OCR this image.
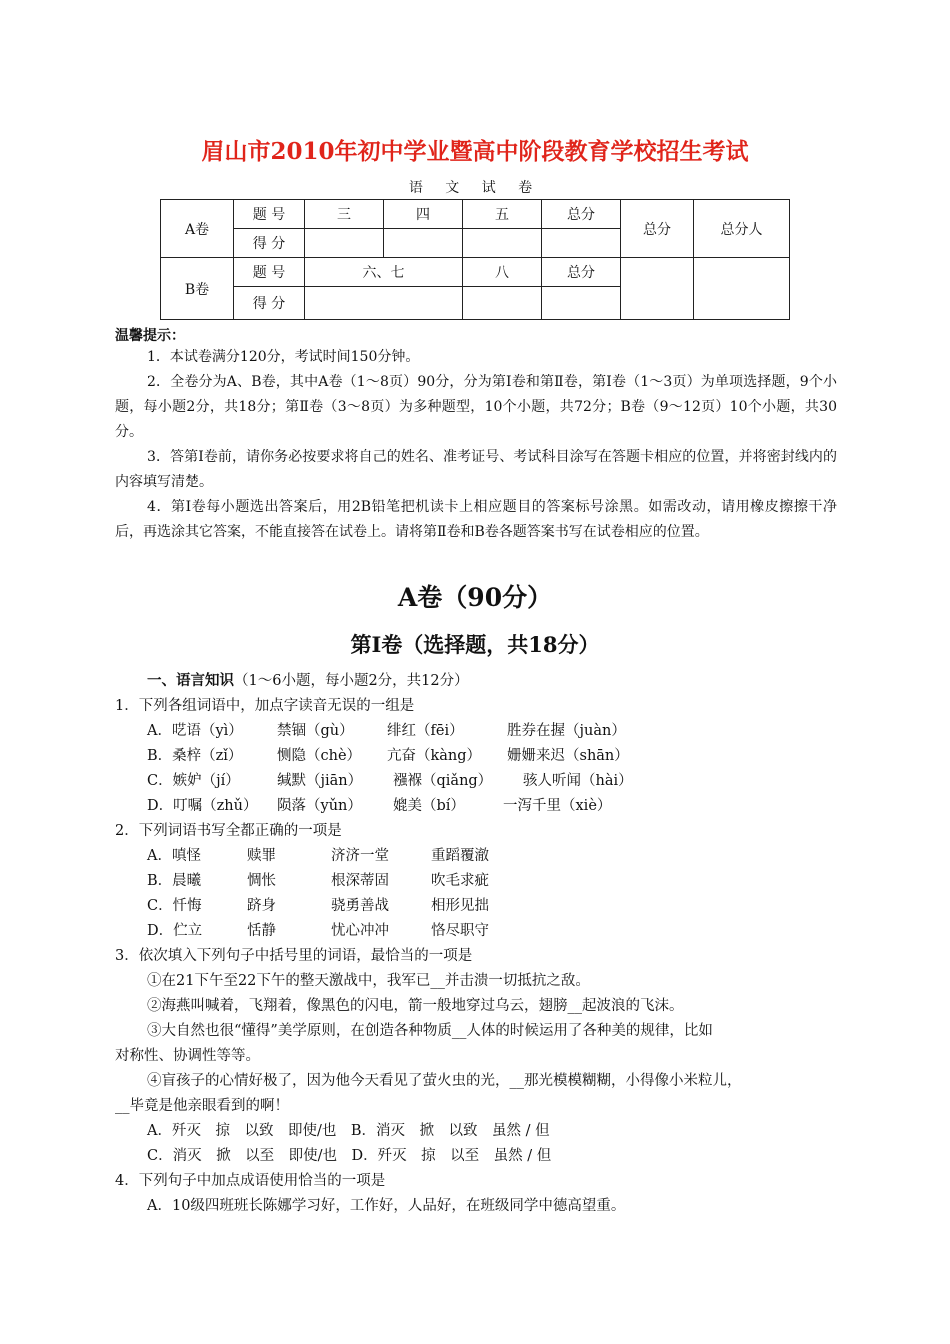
眉山市2010年初中学业暨高中阶段教育学校招生考试
语 文 试 卷
A卷	题 号	三	四	五	总分	总分	总分人
	得 分						
B卷	题 号	六、七		八	总分		
	得 分						
温馨提示：
1．本试卷满分120分，考试时间150分钟。
2．全卷分为A、B卷，其中A卷（1～8页）90分，分为第Ⅰ卷和第Ⅱ卷，第Ⅰ卷（1～3页）为单项选择题，9个小题，每小题2分，共18分；第Ⅱ卷（3～8页）为多种题型，10个小题，共72分；B卷（9～12页）10个小题，共30分。
3．答第Ⅰ卷前，请你务必按要求将自己的姓名、准考证号、考试科目涂写在答题卡相应的位置，并将密封线内的内容填写清楚。
4．第Ⅰ卷每小题选出答案后，用2B铅笔把机读卡上相应题目的答案标号涂黑。如需改动，请用橡皮擦擦干净后，再选涂其它答案，不能直接答在试卷上。请将第Ⅱ卷和B卷各题答案书写在试卷相应的位置。
A卷（90分）
第Ⅰ卷（选择题，共18分）
一、语言知识（1～6小题，每小题2分，共12分）
1．下列各组词语中，加点字读音无误的一组是
A．呓语（yì） 禁锢（gù） 绯红（fēi）	胜券在握（juàn）
B．桑梓（zǐ） 恻隐（chè） 亢奋（kàng） 姗姗来迟（shān）
C．嫉妒（jí）	缄默（jiān） 襁褓（qiǎng） 骇人听闻（hài）
D．叮嘱（zhǔ） 陨落（yǔn） 媲美（bí）	一泻千里（xiè）
2．下列词语书写全都正确的一项是
A．嗔怪	赎罪	济济一堂	重蹈覆澈
B．晨曦	惆怅	根深蒂固	吹毛求疵
C．忏悔	跻身	骁勇善战	相形见拙
D．伫立	恬静	忧心冲冲	恪尽职守
3．依次填入下列句子中括号里的词语，最恰当的一项是
①在21下午至22下午的整天激战中，我军已__并击溃一切抵抗之敌。
②海燕叫喊着，飞翔着，像黑色的闪电，箭一般地穿过乌云，翅膀__起波浪的飞沫。
③大自然也很“懂得”美学原则，在创造各种物质__人体的时候运用了各种美的规律，比如
对称性、协调性等等。
④盲孩子的心情好极了，因为他今天看见了萤火虫的光，__那光模模糊糊，小得像小米粒儿，
__毕竟是他亲眼看到的啊！
A．歼灭　掠　以致　即使/也　B．消灭　掀　以致　虽然 / 但
C．消灭　掀　以至　即使/也　D．歼灭　掠　以至　虽然 / 但
4．下列句子中加点成语使用恰当的一项是
A．10级四班班长陈娜学习好，工作好，人品好，在班级同学中德高望重。
